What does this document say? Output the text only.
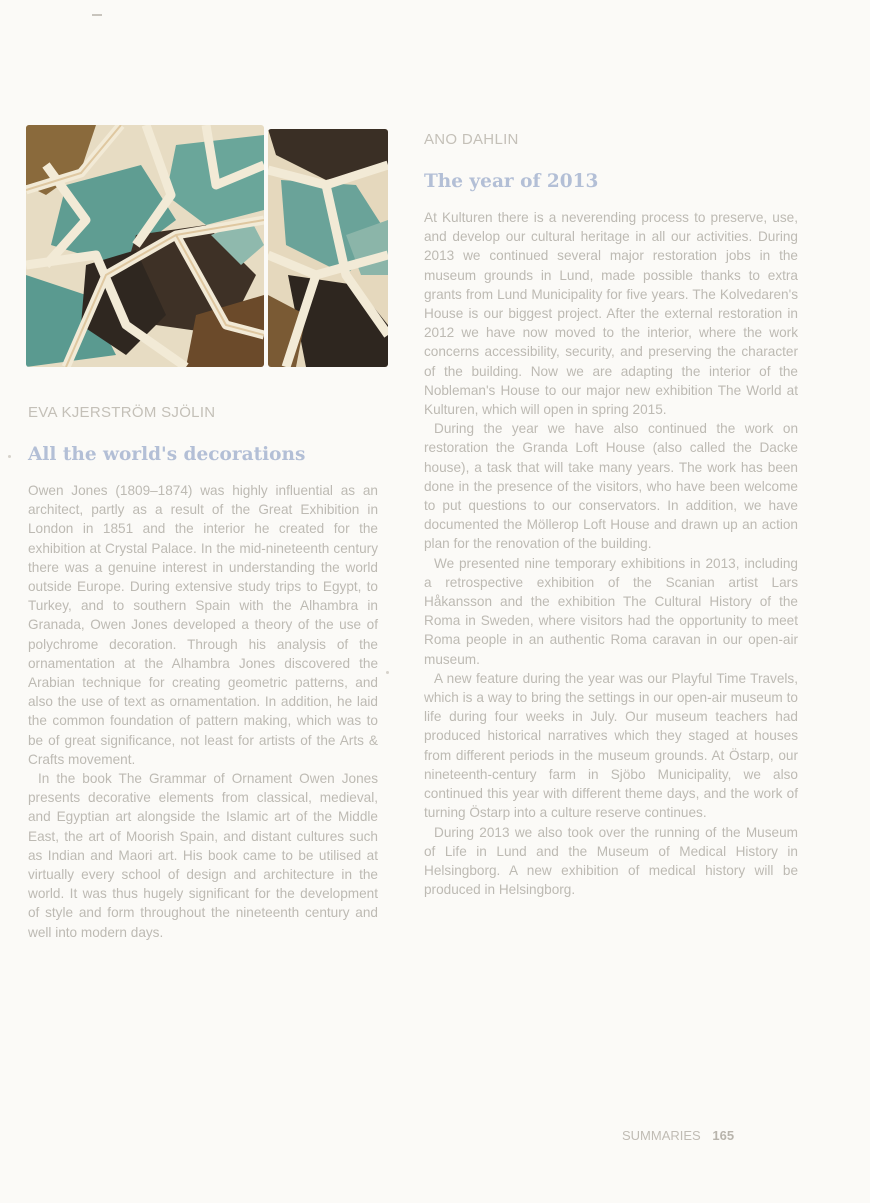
EVA KJERSTRÖM SJÖLIN
All the world's decorations

Owen Jones (1809–1874) was highly influential as an architect, partly as a result of the Great Exhibition in London in 1851 and the interior he created for the exhibition at Crystal Palace. In the mid-nineteenth century there was a genuine interest in understanding the world outside Europe. During extensive study trips to Egypt, to Turkey, and to southern Spain with the Alhambra in Granada, Owen Jones developed a theory of the use of polychrome decoration. Through his analysis of the ornamentation at the Alhambra Jones discovered the Arabian technique for creating geometric patterns, and also the use of text as ornamentation. In addition, he laid the common foundation of pattern making, which was to be of great significance, not least for artists of the Arts & Crafts movement.

In the book The Grammar of Ornament Owen Jones presents decorative elements from classical, medieval, and Egyptian art alongside the Islamic art of the Middle East, the art of Moorish Spain, and distant cultures such as Indian and Maori art. His book came to be utilised at virtually every school of design and architecture in the world. It was thus hugely significant for the development of style and form throughout the nineteenth century and well into modern days.

ANO DAHLIN
The year of 2013

At Kulturen there is a neverending process to preserve, use, and develop our cultural heritage in all our activities. During 2013 we continued several major restoration jobs in the museum grounds in Lund, made possible thanks to extra grants from Lund Municipality for five years. The Kolvedaren's House is our biggest project. After the external restoration in 2012 we have now moved to the interior, where the work concerns accessibility, security, and preserving the character of the building. Now we are adapting the interior of the Nobleman's House to our major new exhibition The World at Kulturen, which will open in spring 2015.

During the year we have also continued the work on restoration the Granda Loft House (also called the Dacke house), a task that will take many years. The work has been done in the presence of the visitors, who have been welcome to put questions to our conservators. In addition, we have documented the Möllerop Loft House and drawn up an action plan for the renovation of the building.

We presented nine temporary exhibitions in 2013, including a retrospective exhibition of the Scanian artist Lars Håkansson and the exhibition The Cultural History of the Roma in Sweden, where visitors had the opportunity to meet Roma people in an authentic Roma caravan in our open-air museum.

A new feature during the year was our Playful Time Travels, which is a way to bring the settings in our open-air museum to life during four weeks in July. Our museum teachers had produced historical narratives which they staged at houses from different periods in the museum grounds. At Östarp, our nineteenth-century farm in Sjöbo Municipality, we also continued this year with different theme days, and the work of turning Östarp into a culture reserve continues.

During 2013 we also took over the running of the Museum of Life in Lund and the Museum of Medical History in Helsingborg. A new exhibition of medical history will be produced in Helsingborg.

SUMMARIES 165
